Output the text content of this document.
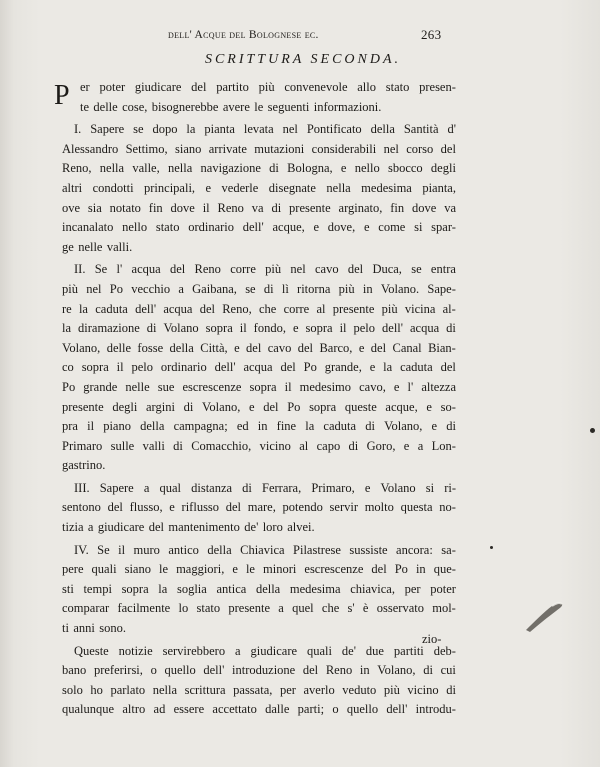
dell' Acque del Bolognese ec.	263
SCRITTURA SECONDA.
P er poter giudicare del partito più convenevole allo stato presen-
te delle cose, bisognerebbe avere le seguenti informazioni.
I. Sapere se dopo la pianta levata nel Pontificato della Santità d'
Alessandro Settimo, siano arrivate mutazioni considerabili nel corso del
Reno, nella valle, nella navigazione di Bologna, e nello sbocco degli
altri condotti principali, e vederle disegnate nella medesima pianta,
ove sia notato fin dove il Reno va di presente arginato, fin dove va
incanalato nello stato ordinario dell' acque, e dove, e come si spar-
ge nelle valli.
II. Se l' acqua del Reno corre più nel cavo del Duca, se entra
più nel Po vecchio a Gaibana, se di lì ritorna più in Volano. Sape-
re la caduta dell' acqua del Reno, che corre al presente più vicina al-
la diramazione di Volano sopra il fondo, e sopra il pelo dell' acqua di
Volano, delle fosse della Città, e del cavo del Barco, e del Canal Bian-
co sopra il pelo ordinario dell' acqua del Po grande, e la caduta del
Po grande nelle sue escrescenze sopra il medesimo cavo, e l' altezza
presente degli argini di Volano, e del Po sopra queste acque, e so-
pra il piano della campagna; ed in fine la caduta di Volano, e di
Primaro sulle valli di Comacchio, vicino al capo di Goro, e a Lon-
gastrino.
III. Sapere a qual distanza di Ferrara, Primaro, e Volano si ri-
sentono del flusso, e riflusso del mare, potendo servir molto questa no-
tizia a giudicare del mantenimento de' loro alvei.
IV. Se il muro antico della Chiavica Pilastrese sussiste ancora: sa-
pere quali siano le maggiori, e le minori escrescenze del Po in que-
sti tempi sopra la soglia antica della medesima chiavica, per poter
comparar facilmente lo stato presente a quel che s' è osservato mol-
ti anni sono.
Queste notizie servirebbero a giudicare quali de' due partiti deb-
bano preferirsi, o quello dell' introduzione del Reno in Volano, di cui
solo ho parlato nella scrittura passata, per averlo veduto più vicino di
qualunque altro ad essere accettato dalle parti; o quello dell' introdu-
zio-
